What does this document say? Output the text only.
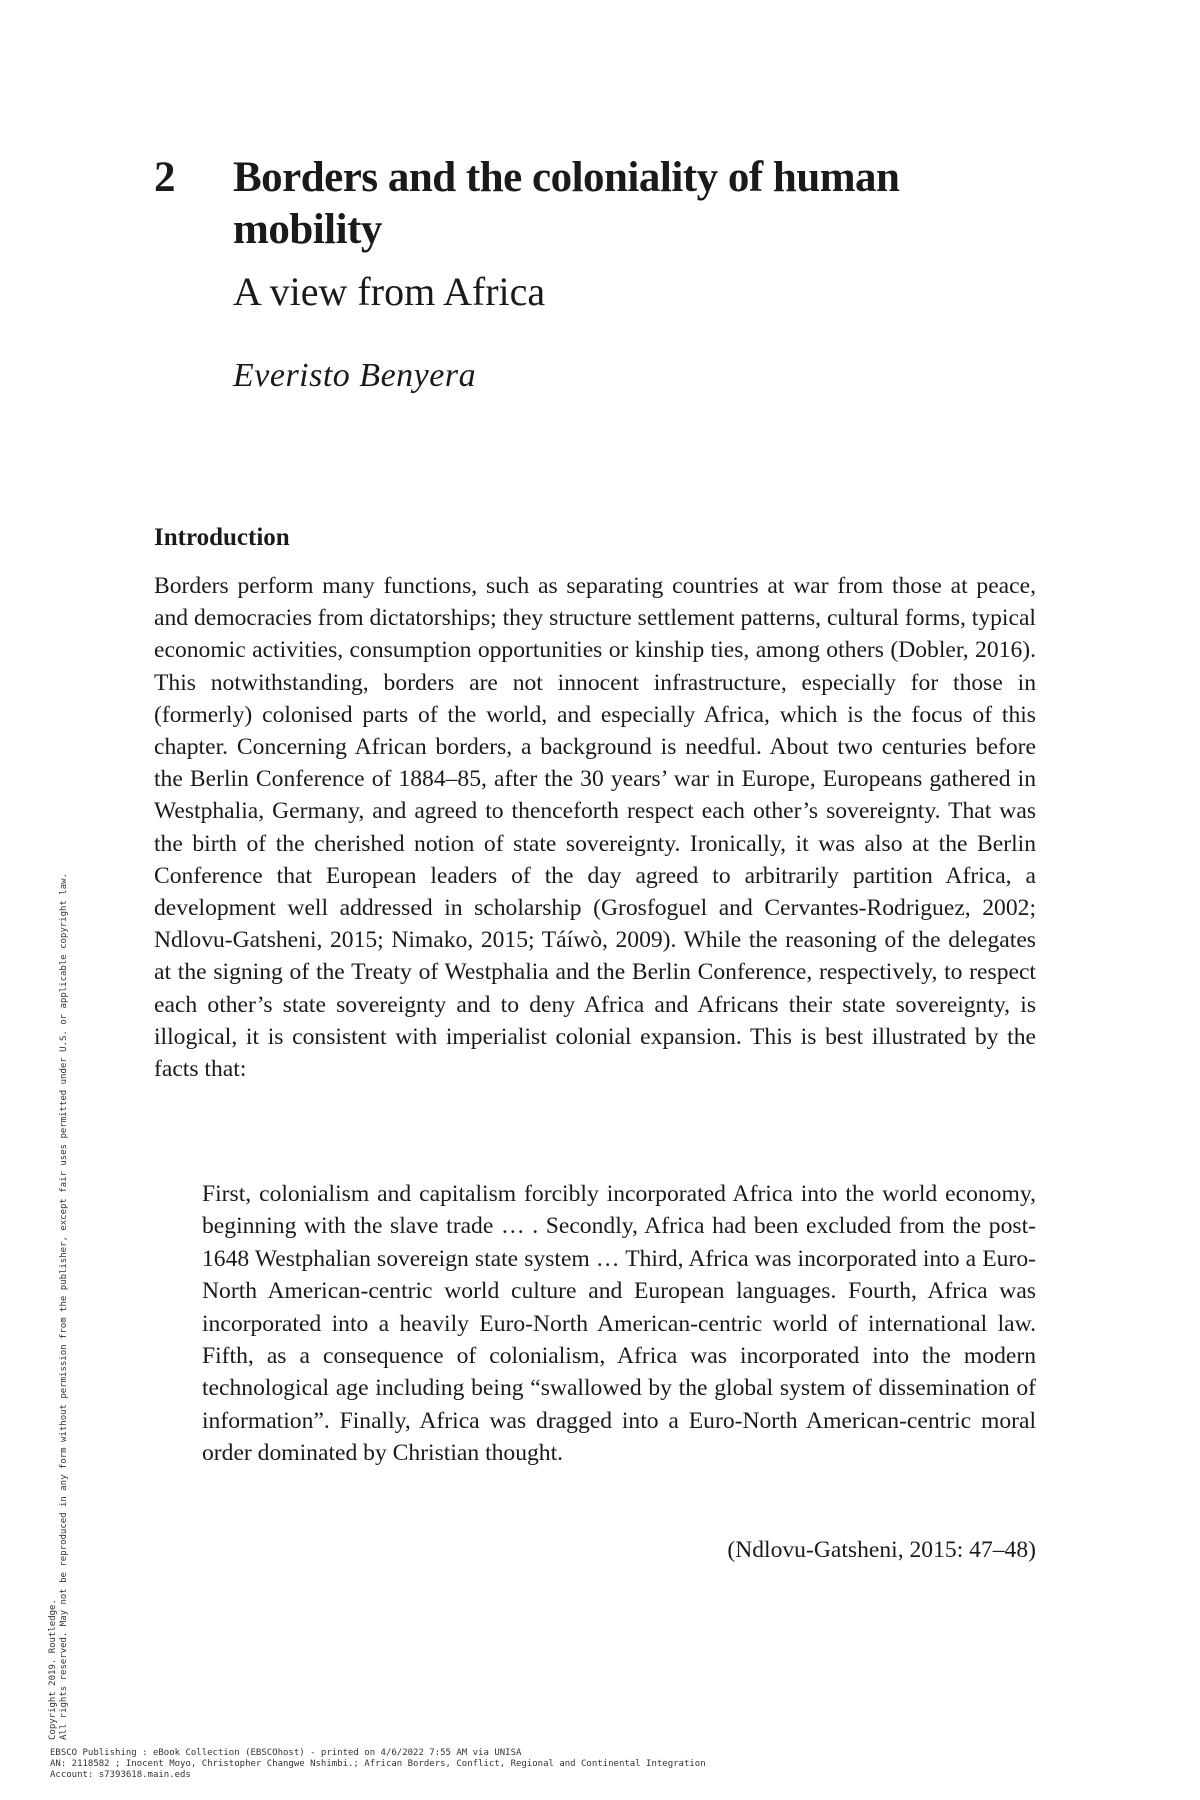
2 Borders and the coloniality of human mobility
A view from Africa
Everisto Benyera
Introduction

Borders perform many functions, such as separating countries at war from those at peace, and democracies from dictatorships; they structure settlement patterns, cultural forms, typical economic activities, consumption opportunities or kinship ties, among others (Dobler, 2016). This notwithstanding, borders are not innocent infrastructure, especially for those in (formerly) colonised parts of the world, and especially Africa, which is the focus of this chapter. Concerning African borders, a background is needful. About two centuries before the Berlin Conference of 1884–85, after the 30 years’ war in Europe, Europeans gathered in Westphalia, Germany, and agreed to thenceforth respect each other’s sovereignty. That was the birth of the cherished notion of state sovereignty. Ironically, it was also at the Berlin Conference that European leaders of the day agreed to arbitrarily partition Africa, a development well addressed in scholarship (Grosfoguel and Cervantes-Rodriguez, 2002; Ndlovu-Gatsheni, 2015; Nimako, 2015; Táíwò, 2009). While the reasoning of the delegates at the signing of the Treaty of Westphalia and the Berlin Conference, respectively, to respect each other’s state sovereignty and to deny Africa and Africans their state sovereignty, is illogical, it is consistent with imperialist colonial expansion. This is best illustrated by the facts that:

First, colonialism and capitalism forcibly incorporated Africa into the world economy, beginning with the slave trade … . Secondly, Africa had been excluded from the post-1648 Westphalian sovereign state system … Third, Africa was incorporated into a Euro-North American-centric world culture and European languages. Fourth, Africa was incorporated into a heavily Euro-North American-centric world of international law. Fifth, as a consequence of colonialism, Africa was incorporated into the modern technological age including being “swallowed by the global system of dissemination of information”. Finally, Africa was dragged into a Euro-North American-centric moral order dominated by Christian thought.

(Ndlovu-Gatsheni, 2015: 47–48)
Copyright 2019. Routledge. All rights reserved. May not be reproduced in any form without permission from the publisher, except fair uses permitted under U.S. or applicable copyright law.
EBSCO Publishing : eBook Collection (EBSCOhost) - printed on 4/6/2022 7:55 AM via UNISA
AN: 2118582 ; Inocent Moyo, Christopher Changwe Nshimbi.; African Borders, Conflict, Regional and Continental Integration
Account: s7393618.main.eds
